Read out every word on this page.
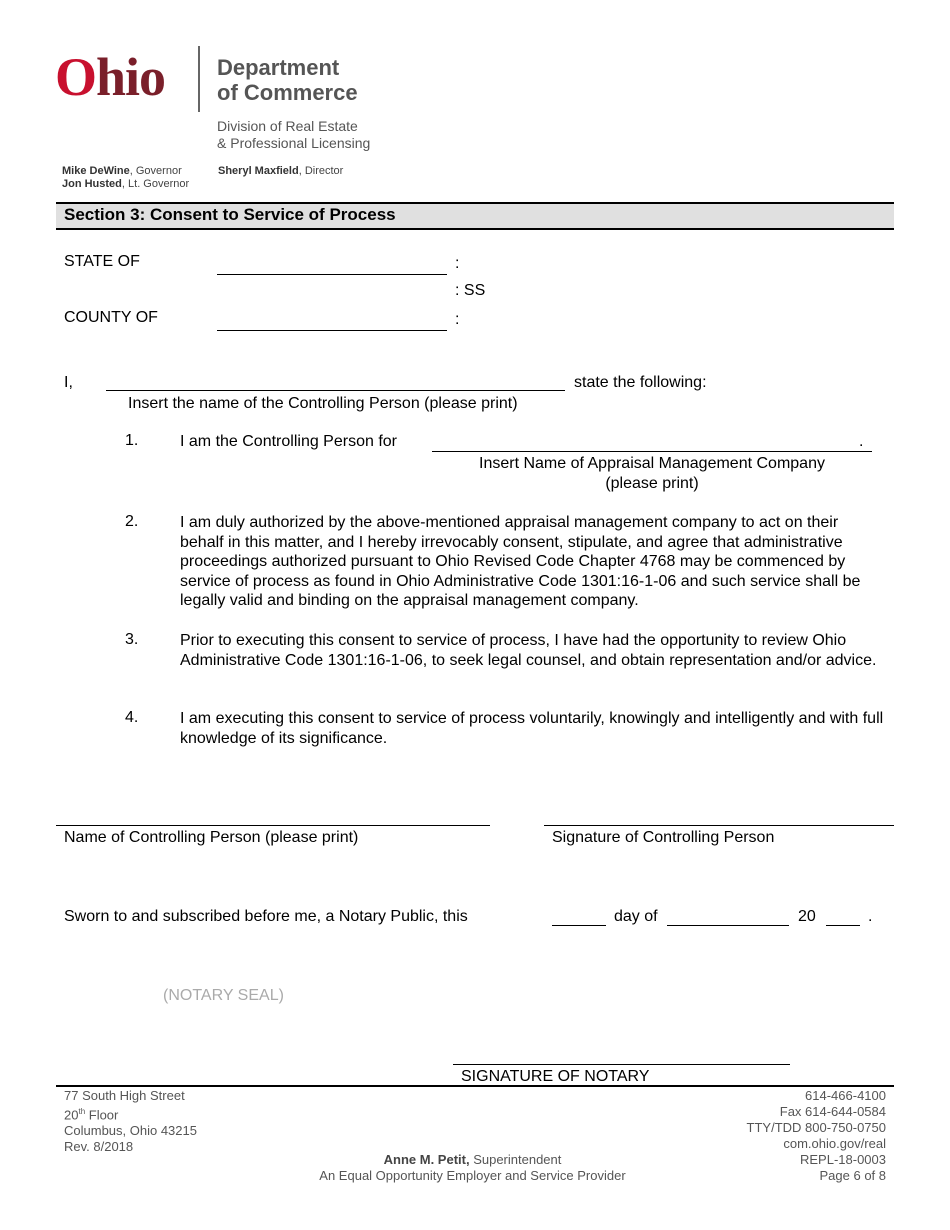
Ohio Department
of Commerce
Division of Real Estate
& Professional Licensing
Mike DeWine, Governor
Jon Husted, Lt. Governor
Sheryl Maxfield, Director
Section 3: Consent to Service of Process
STATE OF	:
: SS
COUNTY OF	:
I,	state the following:
Insert the name of the Controlling Person (please print)
1.	I am the Controlling Person for	.
Insert Name of Appraisal Management Company
(please print)
2.	I am duly authorized by the above-mentioned appraisal management company to act on their behalf in this matter, and I hereby irrevocably consent, stipulate, and agree that administrative proceedings authorized pursuant to Ohio Revised Code Chapter 4768 may be commenced by service of process as found in Ohio Administrative Code 1301:16-1-06 and such service shall be legally valid and binding on the appraisal management company.
3.	Prior to executing this consent to service of process, I have had the opportunity to review Ohio Administrative Code 1301:16-1-06, to seek legal counsel, and obtain representation and/or advice.
4.	I am executing this consent to service of process voluntarily, knowingly and intelligently and with full knowledge of its significance.
Name of Controlling Person (please print)	Signature of Controlling Person
Sworn to and subscribed before me, a Notary Public, this	day of	20	.
(NOTARY SEAL)
SIGNATURE OF NOTARY
77 South High Street
20th Floor
Columbus, Ohio 43215
Rev. 8/2018
Anne M. Petit, Superintendent
An Equal Opportunity Employer and Service Provider
614-466-4100
Fax 614-644-0584
TTY/TDD 800-750-0750
com.ohio.gov/real
REPL-18-0003
Page 6 of 8
